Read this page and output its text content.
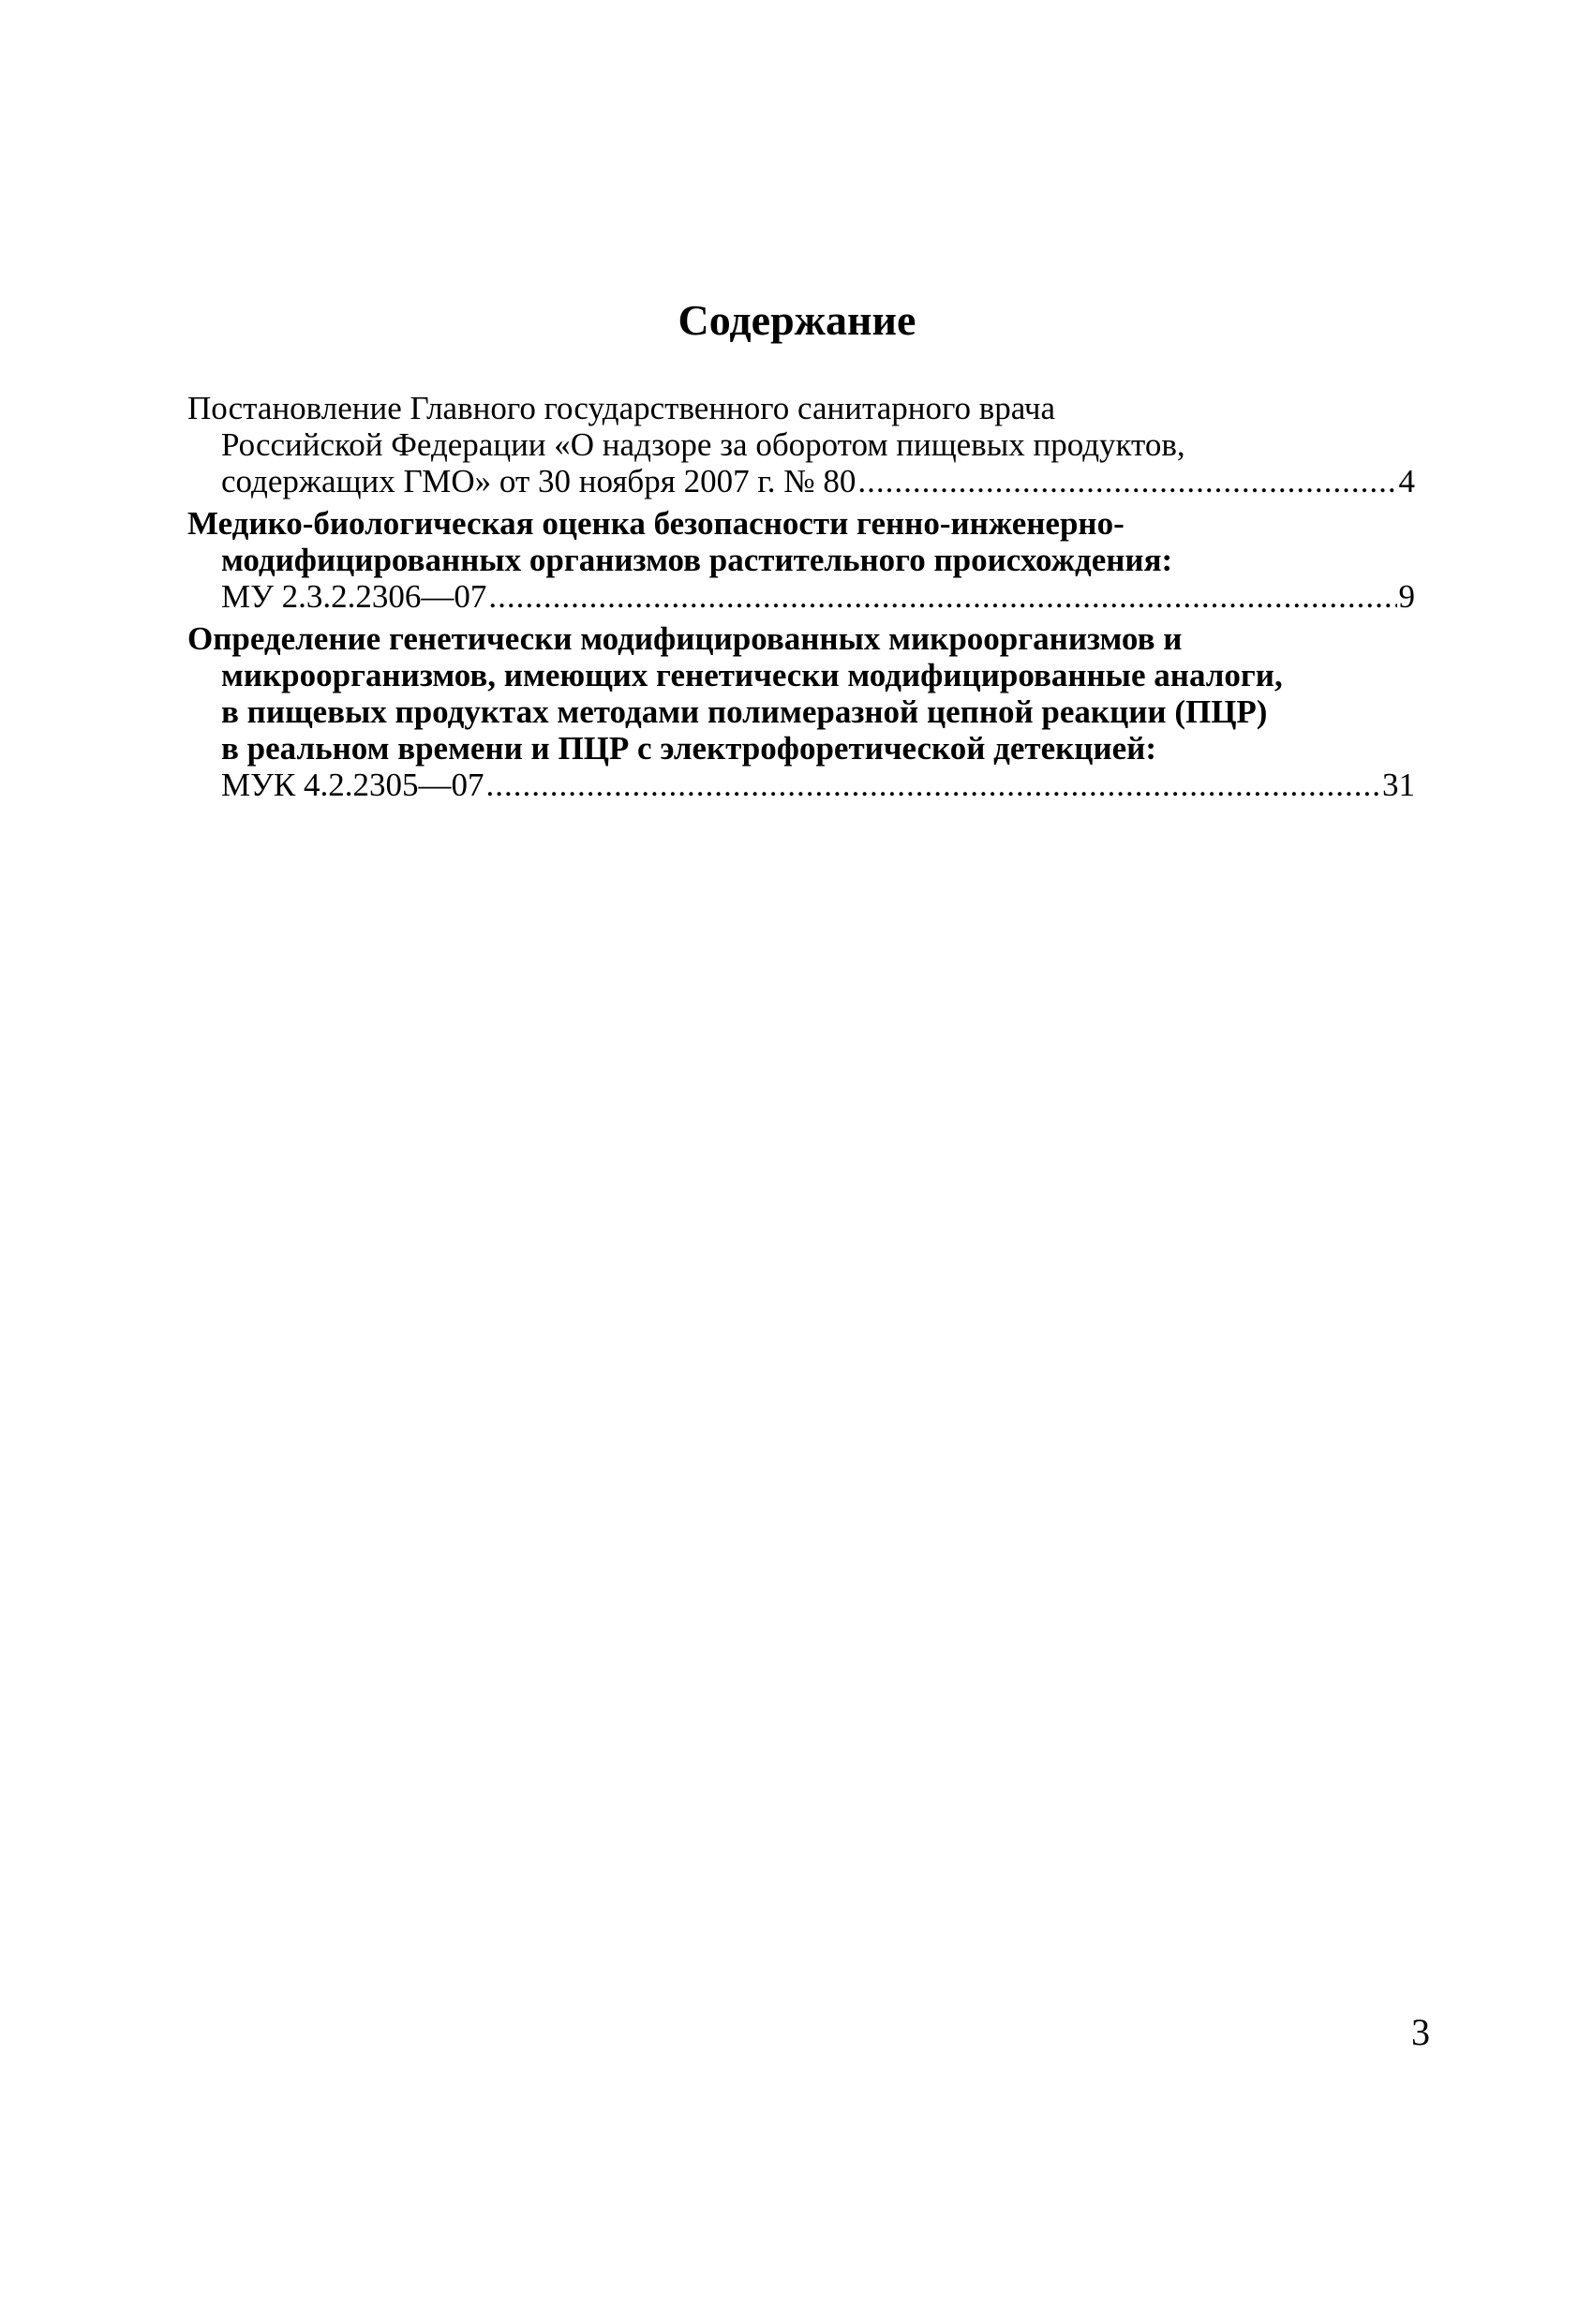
Содержание
Постановление Главного государственного санитарного врача
Российской Федерации «О надзоре за оборотом пищевых продуктов,
содержащих ГМО» от 30 ноября 2007 г. № 80 .....	4
Медико-биологическая оценка безопасности генно-инженерно-
модифицированных организмов растительного происхождения:
МУ 2.3.2.2306—07 .....	9
Определение генетически модифицированных микроорганизмов и
микроорганизмов, имеющих генетически модифицированные аналоги,
в пищевых продуктах методами полимеразной цепной реакции (ПЦР)
в реальном времени и ПЦР с электрофоретической детекцией:
МУК 4.2.2305—07 .....	31
3
